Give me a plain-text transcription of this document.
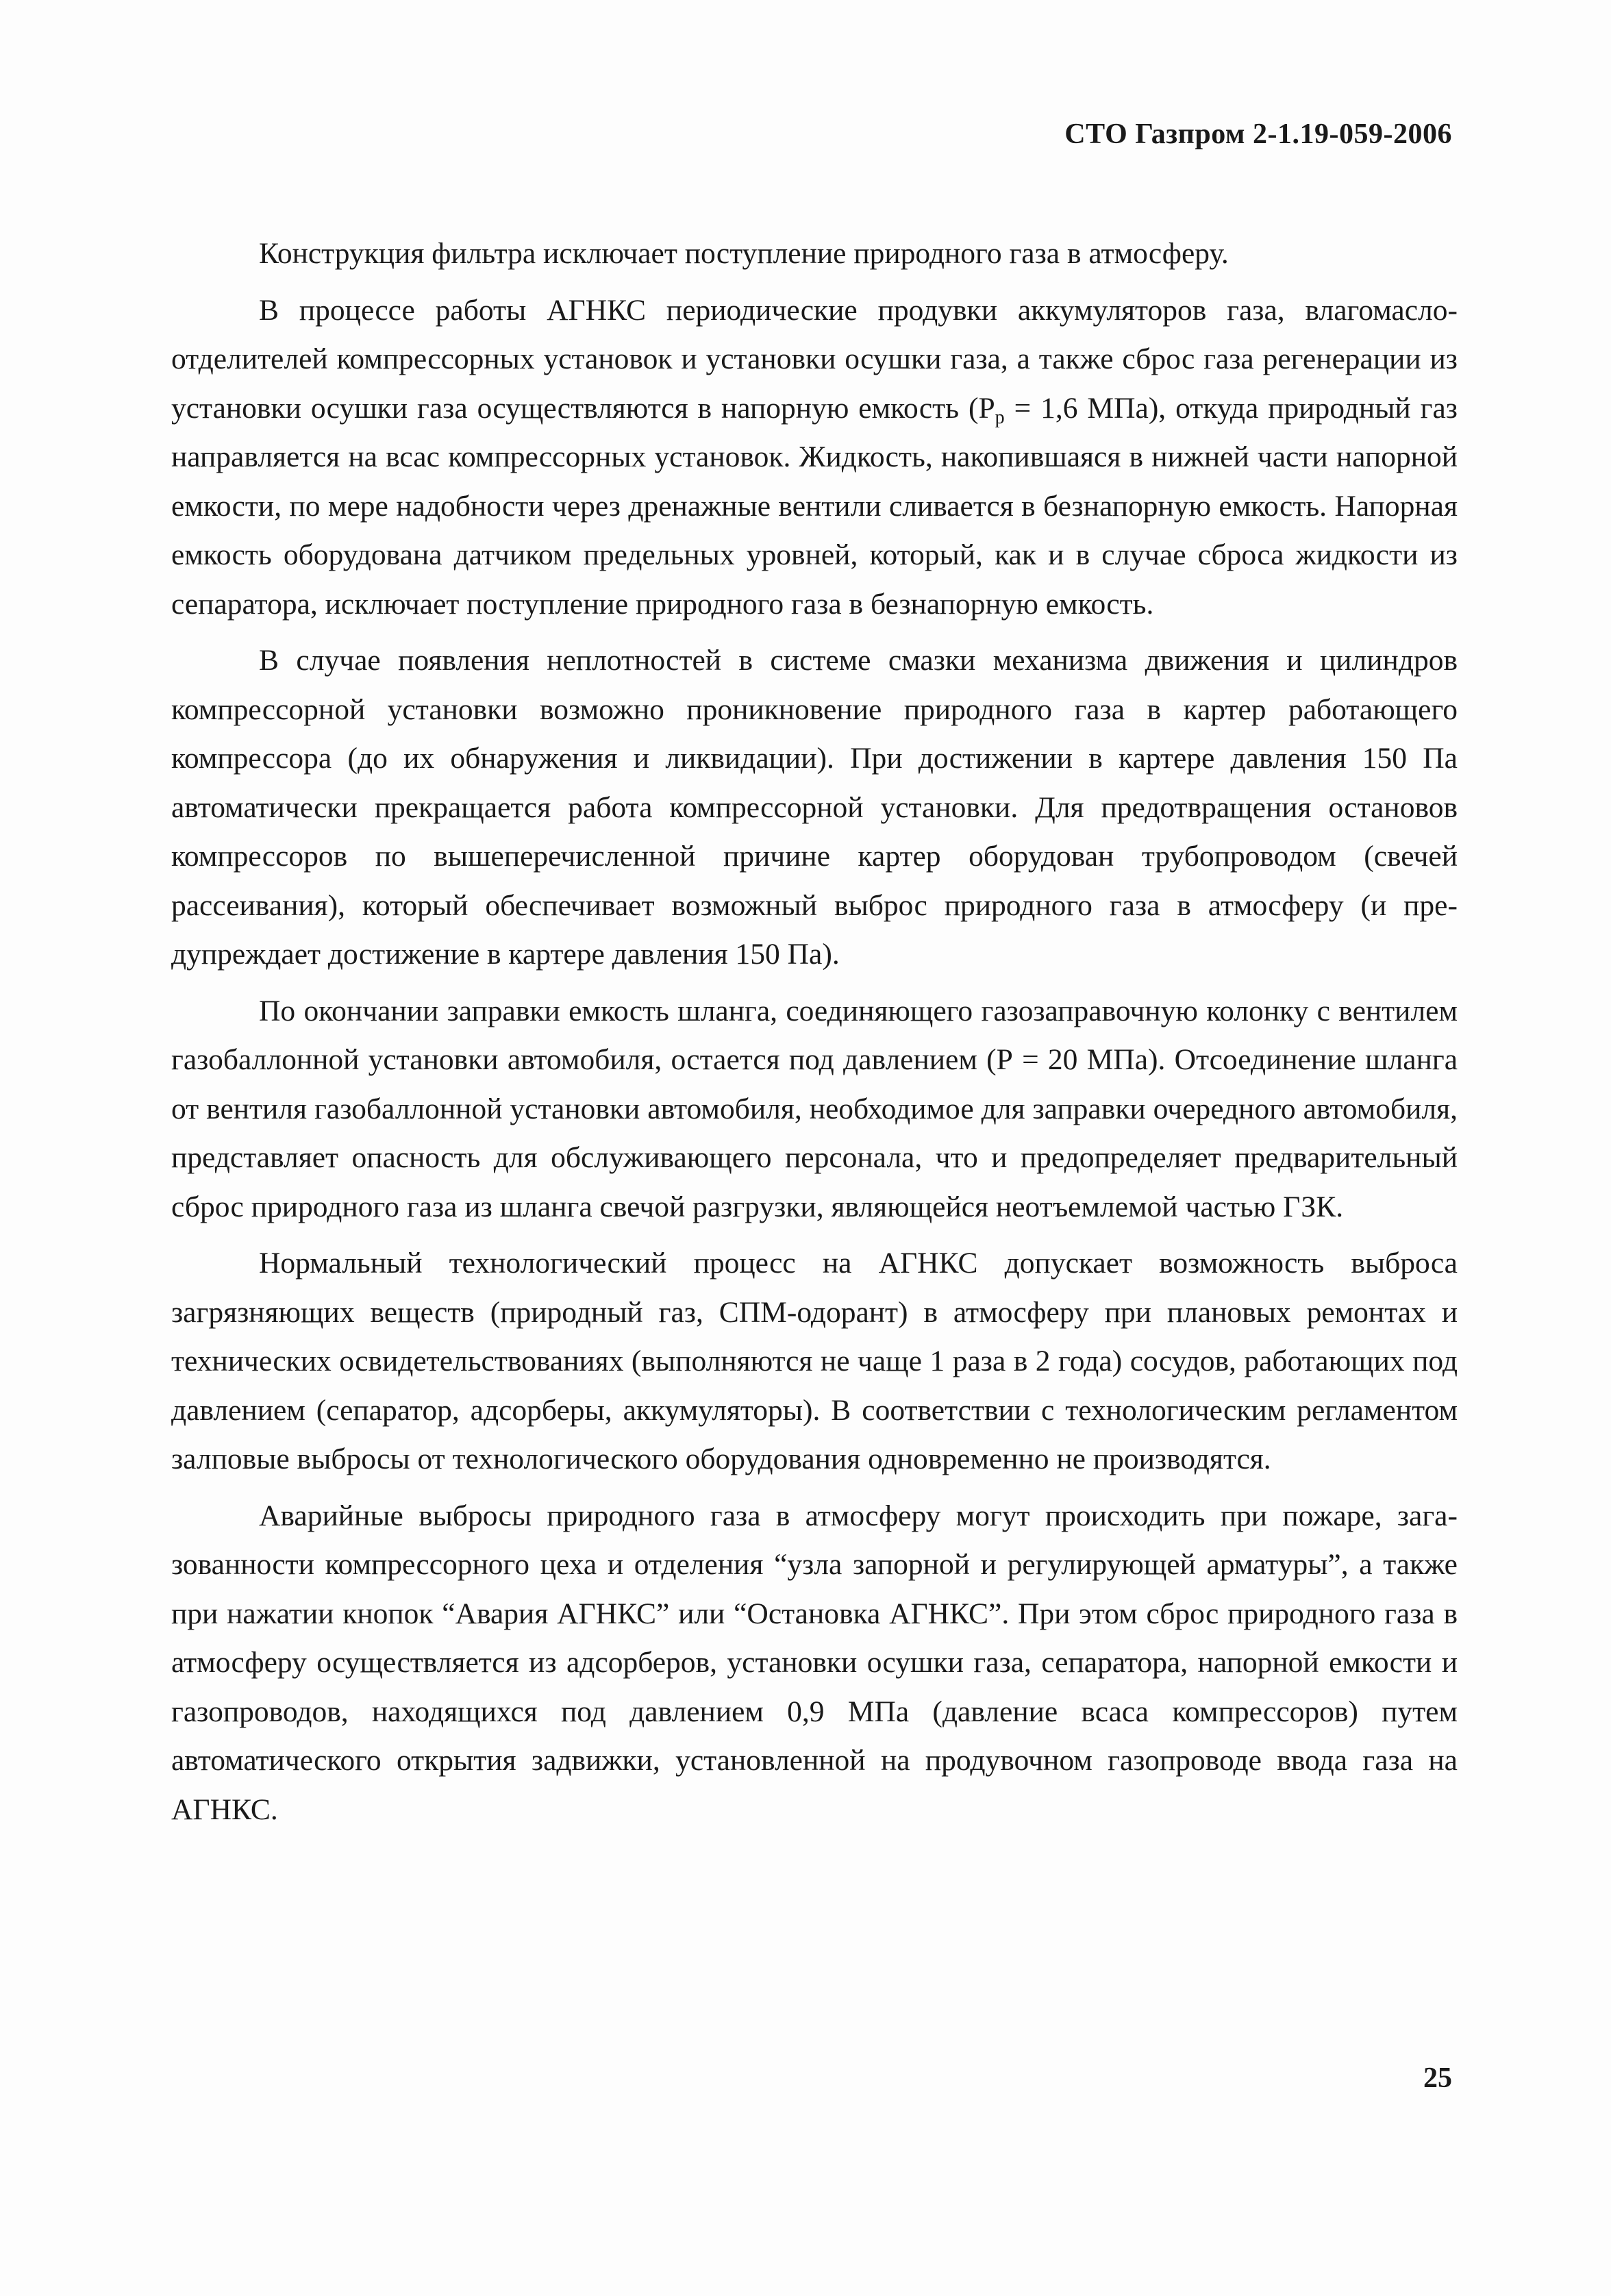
СТО Газпром 2-1.19-059-2006

Конструкция фильтра исключает поступление природного газа в атмосферу.

В процессе работы АГНКС периодические продувки аккумуляторов газа, влагомаслоотделителей компрессорных установок и установки осушки газа, а также сброс газа регенерации из установки осушки газа осуществляются в напорную емкость ($Р_р = 1,6$ МПа), откуда природный газ направляется на всас компрессорных установок. Жидкость, накопившаяся в нижней части напорной емкости, по мере надобности через дренажные вентили сливается в безнапорную емкость. Напорная емкость оборудована датчиком предельных уровней, который, как и в случае сброса жидкости из сепаратора, исключает поступление природного газа в безнапорную емкость.

В случае появления неплотностей в системе смазки механизма движения и цилиндров компрессорной установки возможно проникновение природного газа в картер работающего компрессора (до их обнаружения и ликвидации). При достижении в картере давления 150 Па автоматически прекращается работа компрессорной установки. Для предотвращения остановов компрессоров по вышеперечисленной причине картер оборудован трубопроводом (свечей рассеивания), который обеспечивает возможный выброс природного газа в атмосферу (и предупреждает достижение в картере давления 150 Па).

По окончании заправки емкость шланга, соединяющего газозаправочную колонку с вентилем газобаллонной установки автомобиля, остается под давлением (Р = 20 МПа). Отсоединение шланга от вентиля газобаллонной установки автомобиля, необходимое для заправки очередного автомобиля, представляет опасность для обслуживающего персонала, что и предопределяет предварительный сброс природного газа из шланга свечой разгрузки, являющейся неотъемлемой частью ГЗК.

Нормальный технологический процесс на АГНКС допускает возможность выброса загрязняющих веществ (природный газ, СПМ-одорант) в атмосферу при плановых ремонтах и технических освидетельствованиях (выполняются не чаще 1 раза в 2 года) сосудов, работающих под давлением (сепаратор, адсорберы, аккумуляторы). В соответствии с технологическим регламентом залповые выбросы от технологического оборудования одновременно не производятся.

Аварийные выбросы природного газа в атмосферу могут происходить при пожаре, загазованности компрессорного цеха и отделения “узла запорной и регулирующей арматуры”, а также при нажатии кнопок “Авария АГНКС” или “Остановка АГНКС”. При этом сброс природного газа в атмосферу осуществляется из адсорберов, установки осушки газа, сепаратора, напорной емкости и газопроводов, находящихся под давлением 0,9 МПа (давление всаса компрессоров) путем автоматического открытия задвижки, установленной на продувочном газопроводе ввода газа на АГНКС.

25
